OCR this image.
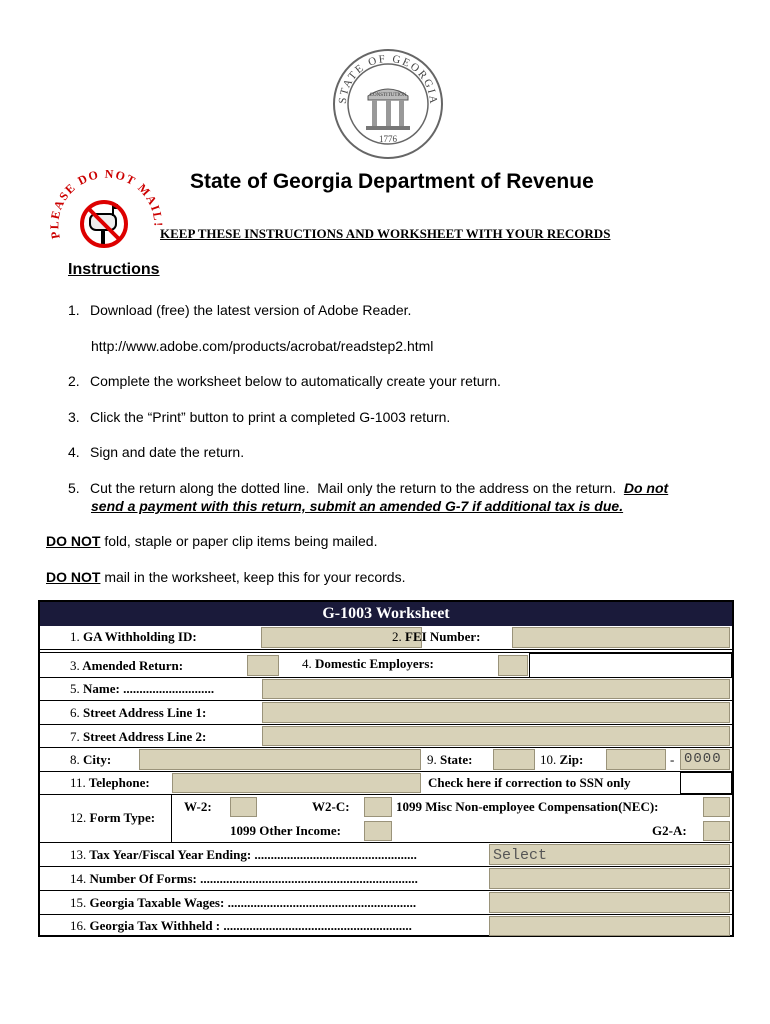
STATE OF GEORGIA
CONSTITUTION
1776
PLEASE DO NOT MAIL!
State of Georgia Department of Revenue
KEEP THESE INSTRUCTIONS AND WORKSHEET WITH YOUR RECORDS
Instructions
1. Download (free) the latest version of Adobe Reader.
http://www.adobe.com/products/acrobat/readstep2.html
2. Complete the worksheet below to automatically create your return.
3. Click the “Print” button to print a completed G-1003 return.
4. Sign and date the return.
5. Cut the return along the dotted line.  Mail only the return to the address on the return.  Do not
send a payment with this return, submit an amended G-7 if additional tax is due.
DO NOT fold, staple or paper clip items being mailed.
DO NOT mail in the worksheet, keep this for your records.
G-1003 Worksheet
1. GA Withholding ID:	2. FEI Number:
3. Amended Return:	4. Domestic Employers:
5. Name: ............................
6. Street Address Line 1:
7. Street Address Line 2:
8. City:	9. State:	10. Zip:	- 0000
11. Telephone:	Check here if correction to SSN only
12. Form Type:
W-2:	W2-C:	1099 Misc Non-employee Compensation(NEC):
1099 Other Income:	G2-A:
13. Tax Year/Fiscal Year Ending: ..................................................	Select
14. Number Of Forms: ...................................................................
15. Georgia Taxable Wages: ..........................................................
16. Georgia Tax Withheld : ..........................................................
